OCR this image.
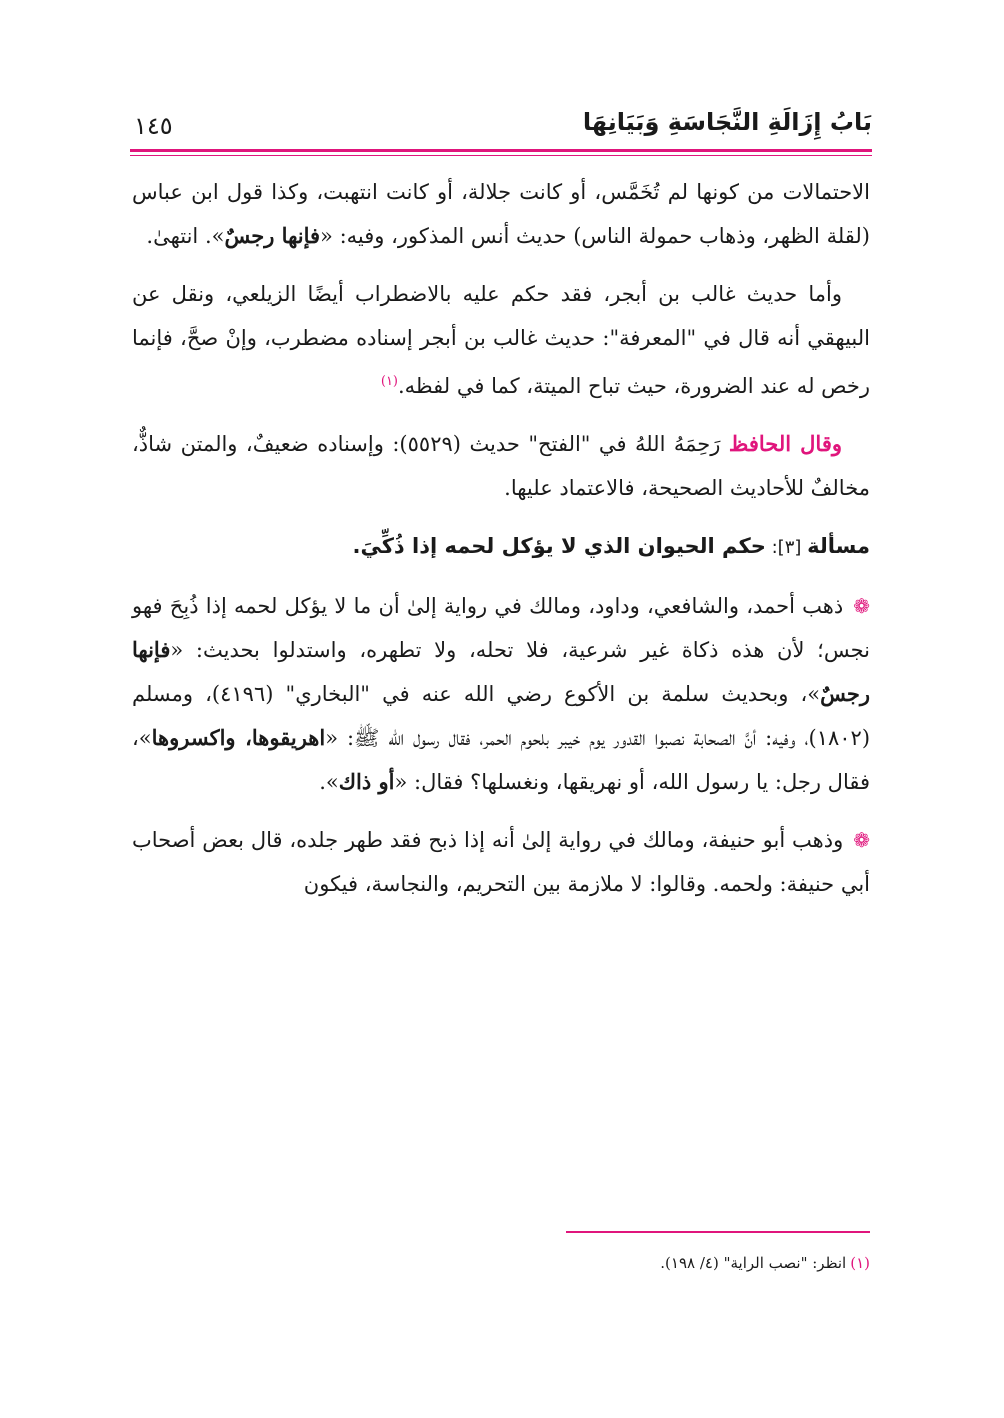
بَابُ إِزَالَةِ النَّجَاسَةِ وَبَيَانِهَا
١٤٥

الاحتمالات من كونها لم تُخَمَّس، أو كانت جلالة، أو كانت انتهبت، وكذا قول ابن عباس (لقلة الظهر، وذهاب حمولة الناس) حديث أنس المذكور، وفيه: «فإنها رجسٌ». انتهىٰ.

وأما حديث غالب بن أبجر، فقد حكم عليه بالاضطراب أيضًا الزيلعي، ونقل عن البيهقي أنه قال في "المعرفة": حديث غالب بن أبجر إسناده مضطرب، وإنْ صحَّ، فإنما رخص له عند الضرورة، حيث تباح الميتة، كما في لفظه.$^{(١)}$

وقال الحافظ رَحِمَهُ اللهُ في "الفتح" حديث (٥٥٢٩): وإسناده ضعيفٌ، والمتن شاذٌّ، مخالفٌ للأحاديث الصحيحة، فالاعتماد عليها.

مسألة [٣]: حكم الحيوان الذي لا يؤكل لحمه إذا ذُكِّيَ.

❁ذهب أحمد، والشافعي، وداود، ومالك في رواية إلىٰ أن ما لا يؤكل لحمه إذا ذُبِحَ فهو نجس؛ لأن هذه ذكاة غير شرعية، فلا تحله، ولا تطهره، واستدلوا بحديث: «فإنها رجسٌ»، وبحديث سلمة بن الأكوع رضي الله عنه في "البخاري" (٤١٩٦)، ومسلم (١٨٠٢)، وفيه: أنَّ الصحابة نصبوا القدور يوم خيبر بلحوم الحمر، فقال رسول الله ﷺ: «اهريقوها، واكسروها»، فقال رجل: يا رسول الله، أو نهريقها، ونغسلها؟ فقال: «أو ذاك».

❁وذهب أبو حنيفة، ومالك في رواية إلىٰ أنه إذا ذبح فقد طهر جلده، قال بعض أصحاب أبي حنيفة: ولحمه. وقالوا: لا ملازمة بين التحريم، والنجاسة، فيكون

(١)انظر: "نصب الراية" (٤/ ١٩٨).
